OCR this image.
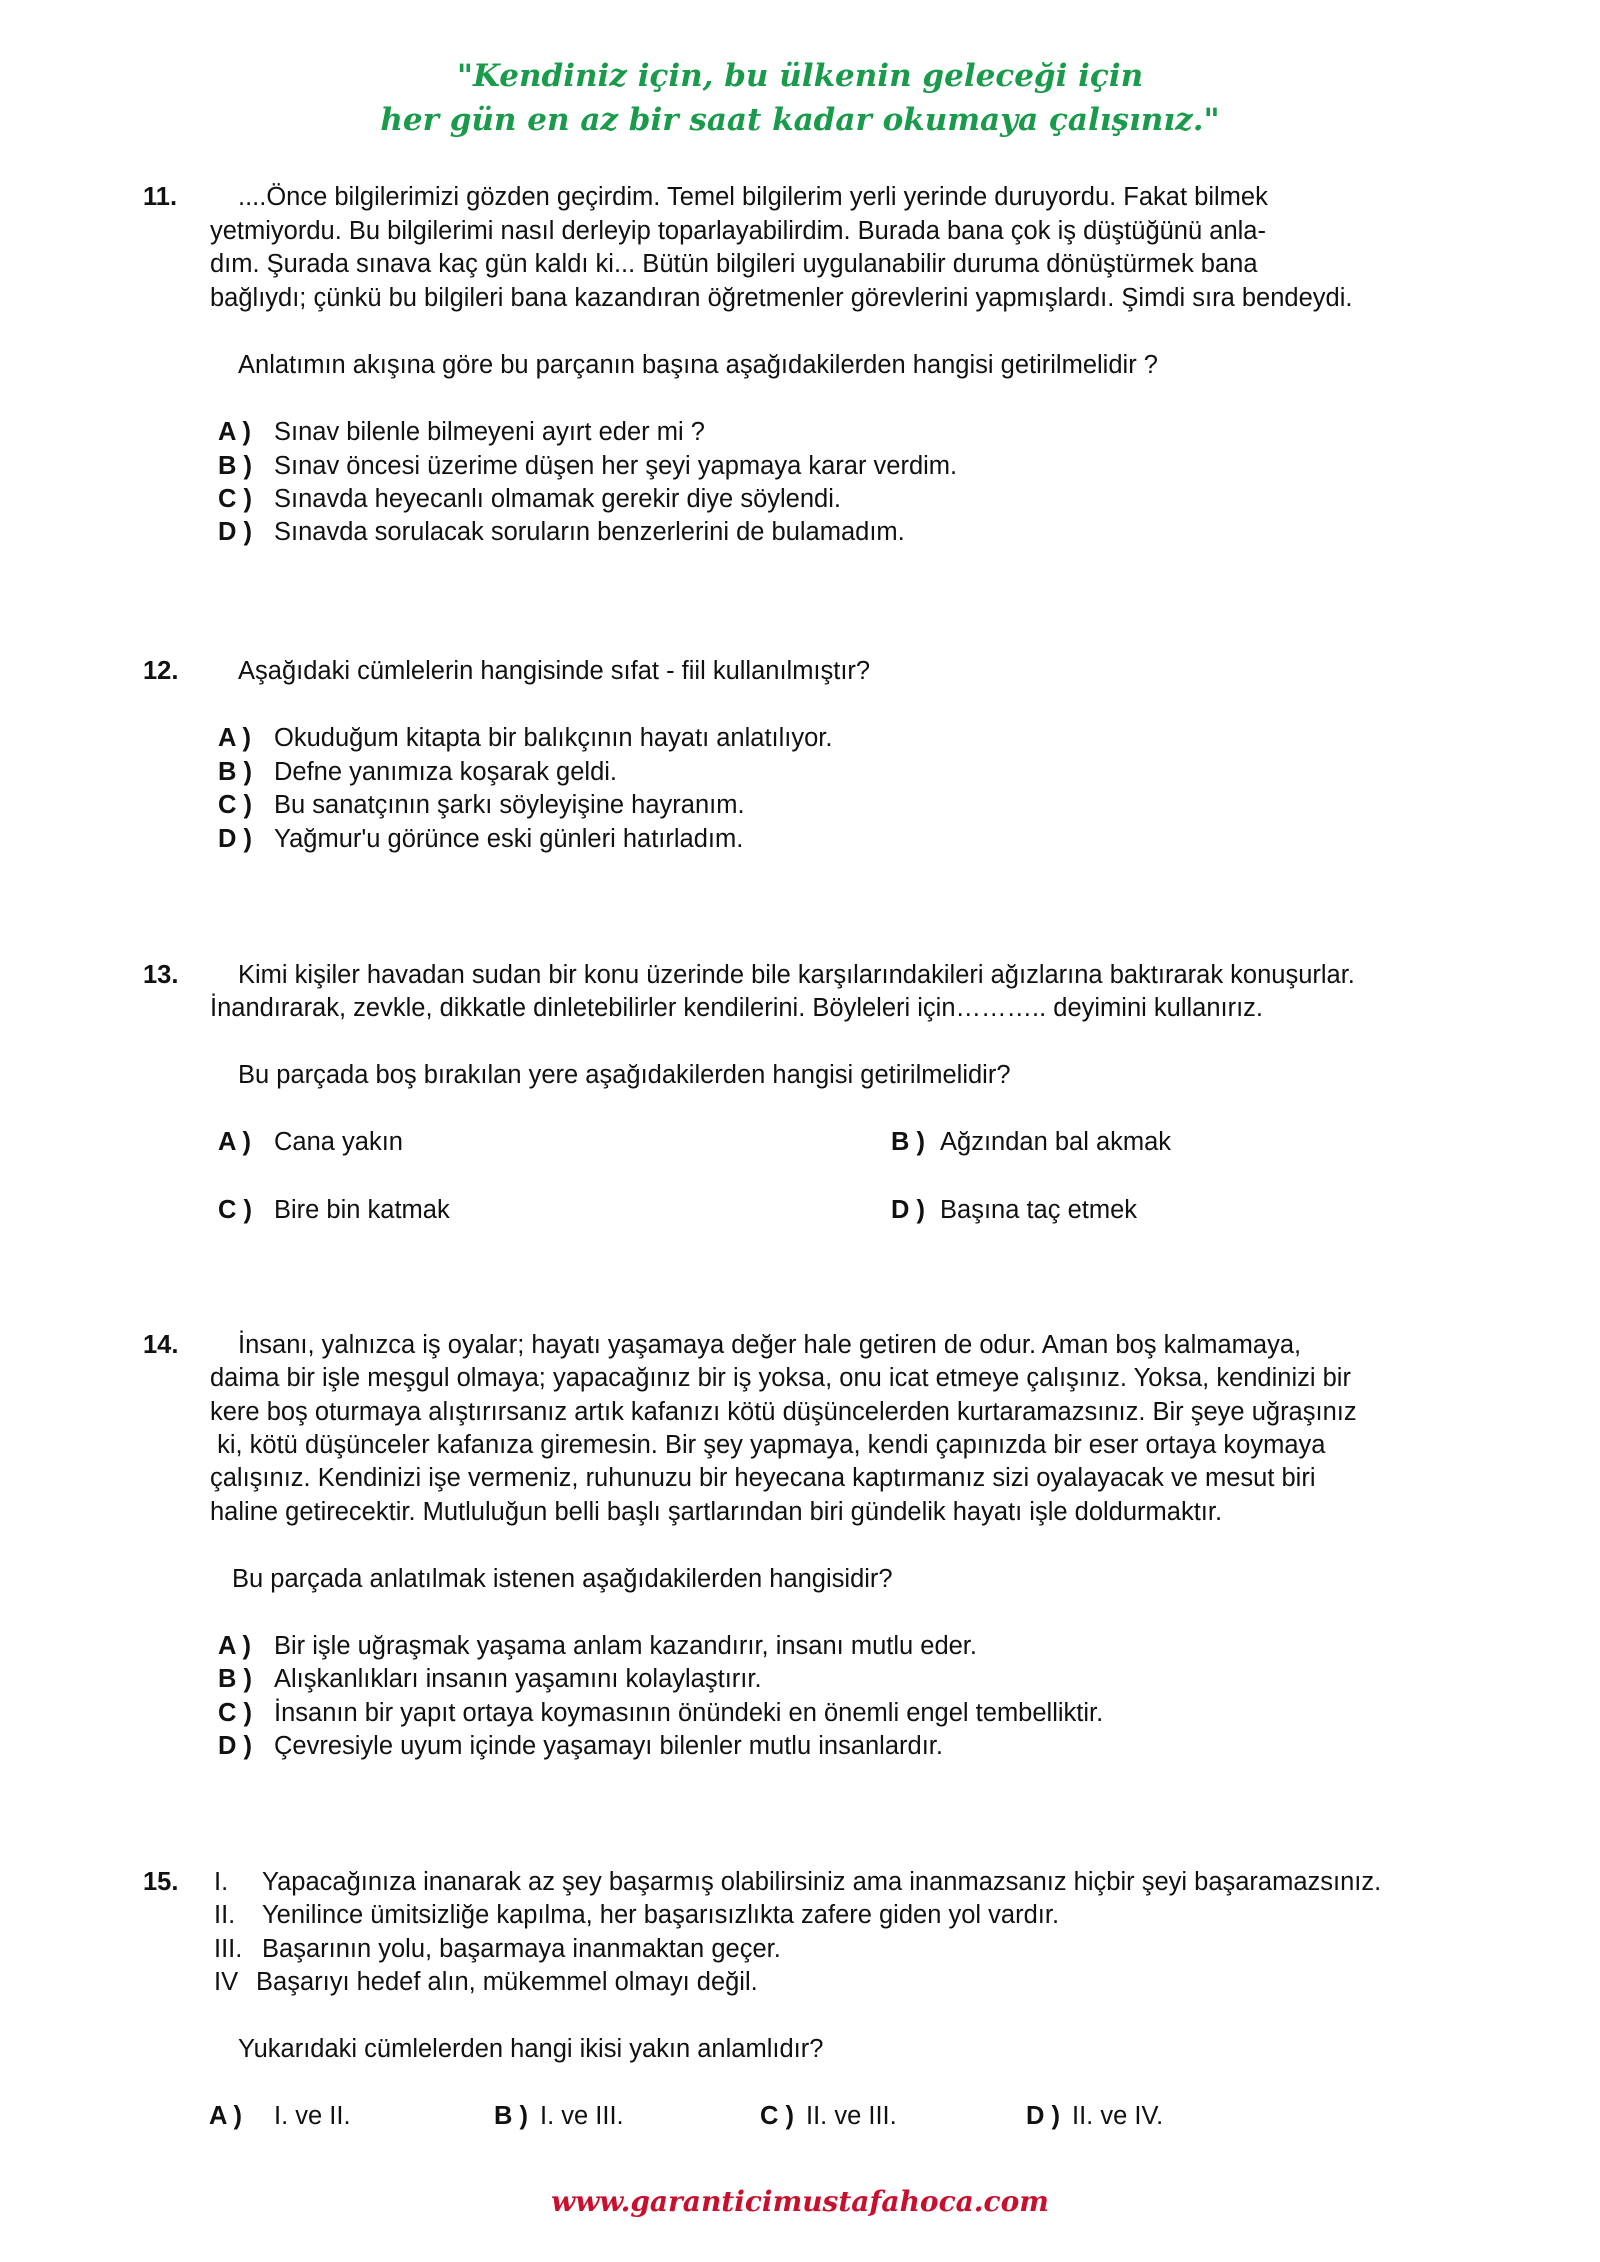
"Kendiniz için, bu ülkenin geleceği için
her gün en az bir saat kadar okumaya çalışınız."
11. ....Önce bilgilerimizi gözden geçirdim. Temel bilgilerim yerli yerinde duruyordu. Fakat bilmek
yetmiyordu. Bu bilgilerimi nasıl derleyip toparlayabilirdim. Burada bana çok iş düştüğünü anla-
dım. Şurada sınava kaç gün kaldı ki... Bütün bilgileri uygulanabilir duruma dönüştürmek bana
bağlıydı; çünkü bu bilgileri bana kazandıran öğretmenler görevlerini yapmışlardı. Şimdi sıra bendeydi.
Anlatımın akışına göre bu parçanın başına aşağıdakilerden hangisi getirilmelidir ?
A ) Sınav bilenle bilmeyeni ayırt eder mi ?
B ) Sınav öncesi üzerime düşen her şeyi yapmaya karar verdim.
C ) Sınavda heyecanlı olmamak gerekir diye söylendi.
D ) Sınavda sorulacak soruların benzerlerini de bulamadım.
12. Aşağıdaki cümlelerin hangisinde sıfat - fiil kullanılmıştır?
A ) Okuduğum kitapta bir balıkçının hayatı anlatılıyor.
B ) Defne yanımıza koşarak geldi.
C ) Bu sanatçının şarkı söyleyişine hayranım.
D ) Yağmur'u görünce eski günleri hatırladım.
13. Kimi kişiler havadan sudan bir konu üzerinde bile karşılarındakileri ağızlarına baktırarak konuşurlar.
İnandırarak, zevkle, dikkatle dinletebilirler kendilerini. Böyleleri için……….. deyimini kullanırız.
Bu parçada boş bırakılan yere aşağıdakilerden hangisi getirilmelidir?
A ) Cana yakın	B ) Ağzından bal akmak
C ) Bire bin katmak	D ) Başına taç etmek
14. İnsanı, yalnızca iş oyalar; hayatı yaşamaya değer hale getiren de odur. Aman boş kalmamaya,
daima bir işle meşgul olmaya; yapacağınız bir iş yoksa, onu icat etmeye çalışınız. Yoksa, kendinizi bir
kere boş oturmaya alıştırırsanız artık kafanızı kötü düşüncelerden kurtaramazsınız. Bir şeye uğraşınız
ki, kötü düşünceler kafanıza giremesin. Bir şey yapmaya, kendi çapınızda bir eser ortaya koymaya
çalışınız. Kendinizi işe vermeniz, ruhunuzu bir heyecana kaptırmanız sizi oyalayacak ve mesut biri
haline getirecektir. Mutluluğun belli başlı şartlarından biri gündelik hayatı işle doldurmaktır.
Bu parçada anlatılmak istenen aşağıdakilerden hangisidir?
A ) Bir işle uğraşmak yaşama anlam kazandırır, insanı mutlu eder.
B ) Alışkanlıkları insanın yaşamını kolaylaştırır.
C ) İnsanın bir yapıt ortaya koymasının önündeki en önemli engel tembelliktir.
D ) Çevresiyle uyum içinde yaşamayı bilenler mutlu insanlardır.
15. I. Yapacağınıza inanarak az şey başarmış olabilirsiniz ama inanmazsanız hiçbir şeyi başaramazsınız.
II. Yenilince ümitsizliğe kapılma, her başarısızlıkta zafere giden yol vardır.
III. Başarının yolu, başarmaya inanmaktan geçer.
IV Başarıyı hedef alın, mükemmel olmayı değil.
Yukarıdaki cümlelerden hangi ikisi yakın anlamlıdır?
A ) I. ve II.	B ) I. ve III.	C ) II. ve III.	D ) II. ve IV.
www.garanticimustafahoca.com
